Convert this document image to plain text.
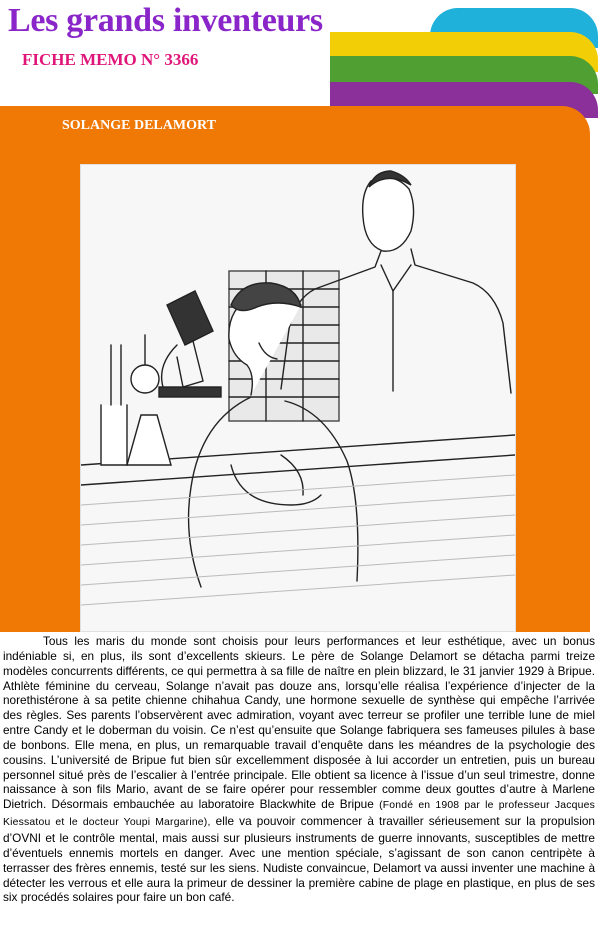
Les grands inventeurs
FICHE MEMO N° 3366
SOLANGE DELAMORT

Tous les maris du monde sont choisis pour leurs performances et leur esthétique, avec un bonus indéniable si, en plus, ils sont d’excellents skieurs. Le père de Solange Delamort se détacha parmi treize modèles concurrents différents, ce qui permettra à sa fille de naître en plein blizzard, le 31 janvier 1929 à Bripue. Athlète féminine du cerveau, Solange n’avait pas douze ans, lorsqu’elle réalisa l’expérience d’injecter de la norethistérone à sa petite chienne chihahua Candy, une hormone sexuelle de synthèse qui empêche l’arrivée des règles. Ses parents l’observèrent avec admiration, voyant avec terreur se profiler une terrible lune de miel entre Candy et le doberman du voisin. Ce n’est qu’ensuite que Solange fabriquera ses fameuses pilules à base de bonbons. Elle mena, en plus, un remarquable travail d’enquête dans les méandres de la psychologie des cousins. L’université de Bripue fut bien sûr excellemment disposée à lui accorder un entretien, puis un bureau personnel situé près de l’escalier à l’entrée principale. Elle obtient sa licence à l’issue d’un seul trimestre, donne naissance à son fils Mario, avant de se faire opérer pour ressembler comme deux gouttes d’autre à Marlene Dietrich. Désormais embauchée au laboratoire Blackwhite de Bripue (Fondé en 1908 par le professeur Jacques Kiessatou et le docteur Youpi Margarine), elle va pouvoir commencer à travailler sérieusement sur la propulsion d’OVNI et le contrôle mental, mais aussi sur plusieurs instruments de guerre innovants, susceptibles de mettre d’éventuels ennemis mortels en danger. Avec une mention spéciale, s’agissant de son canon centripète à terrasser des frères ennemis, testé sur les siens. Nudiste convaincue, Delamort va aussi inventer une machine à détecter les verrous et elle aura la primeur de dessiner la première cabine de plage en plastique, en plus de ses six procédés solaires pour faire un bon café.
